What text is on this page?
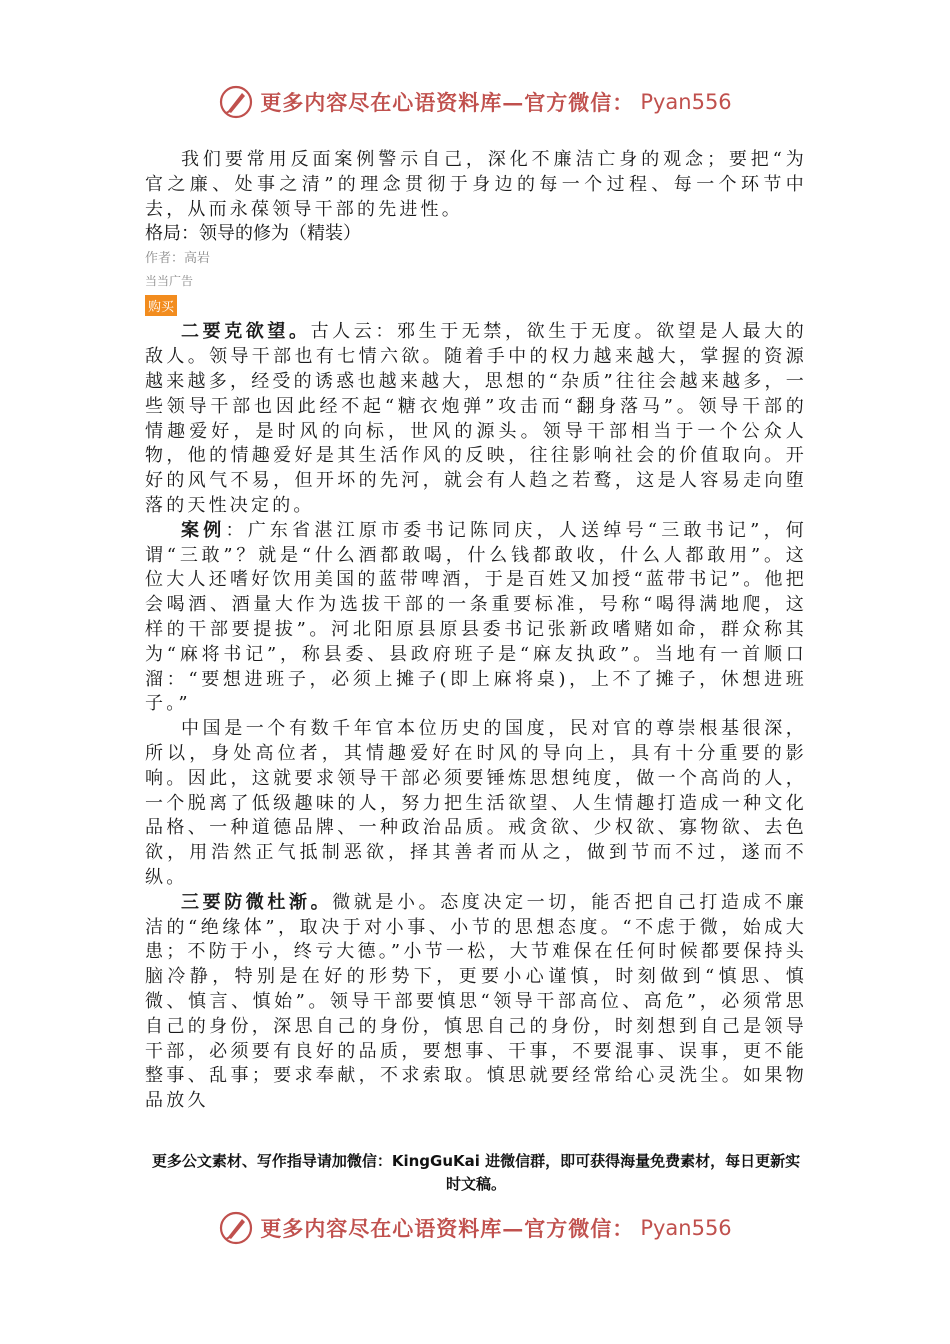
更多内容尽在心语资料库—官方微信： Pyan556

我们要常用反面案例警示自己，深化不廉洁亡身的观念；要把“为官之廉、处事之清”的理念贯彻于身边的每一个过程、每一个环节中去，从而永葆领导干部的先进性。

格局：领导的修为（精装）
作者：高岩
当当广告
购买

二要克欲望。古人云：邪生于无禁，欲生于无度。欲望是人最大的敌人。领导干部也有七情六欲。随着手中的权力越来越大，掌握的资源越来越多，经受的诱惑也越来越大，思想的“杂质”往往会越来越多，一些领导干部也因此经不起“糖衣炮弹”攻击而“翻身落马”。领导干部的情趣爱好，是时风的向标，世风的源头。领导干部相当于一个公众人物，他的情趣爱好是其生活作风的反映，往往影响社会的价值取向。开好的风气不易，但开坏的先河，就会有人趋之若鹜，这是人容易走向堕落的天性决定的。

案例：广东省湛江原市委书记陈同庆，人送绰号“三敢书记”，何谓“三敢”？就是“什么酒都敢喝，什么钱都敢收，什么人都敢用”。这位大人还嗜好饮用美国的蓝带啤酒，于是百姓又加授“蓝带书记”。他把会喝酒、酒量大作为选拔干部的一条重要标准，号称“喝得满地爬，这样的干部要提拔”。河北阳原县原县委书记张新政嗜赌如命，群众称其为“麻将书记”，称县委、县政府班子是“麻友执政”。当地有一首顺口溜：“要想进班子，必须上摊子(即上麻将桌)，上不了摊子，休想进班子。”

中国是一个有数千年官本位历史的国度，民对官的尊崇根基很深，所以，身处高位者，其情趣爱好在时风的导向上，具有十分重要的影响。因此，这就要求领导干部必须要锤炼思想纯度，做一个高尚的人，一个脱离了低级趣味的人，努力把生活欲望、人生情趣打造成一种文化品格、一种道德品牌、一种政治品质。戒贪欲、少权欲、寡物欲、去色欲，用浩然正气抵制恶欲，择其善者而从之，做到节而不过，遂而不纵。

三要防微杜渐。微就是小。态度决定一切，能否把自己打造成不廉洁的“绝缘体”，取决于对小事、小节的思想态度。“不虑于微，始成大患；不防于小，终亏大德。”小节一松，大节难保在任何时候都要保持头脑冷静，特别是在好的形势下，更要小心谨慎，时刻做到“慎思、慎微、慎言、慎始”。领导干部要慎思“领导干部高位、高危”，必须常思自己的身份，深思自己的身份，慎思自己的身份，时刻想到自己是领导干部，必须要有良好的品质，要想事、干事，不要混事、误事，更不能整事、乱事；要求奉献，不求索取。慎思就要经常给心灵洗尘。如果物品放久

更多公文素材、写作指导请加微信：KingGuKai 进微信群，即可获得海量免费素材，每日更新实时文稿。
更多内容尽在心语资料库—官方微信： Pyan556
